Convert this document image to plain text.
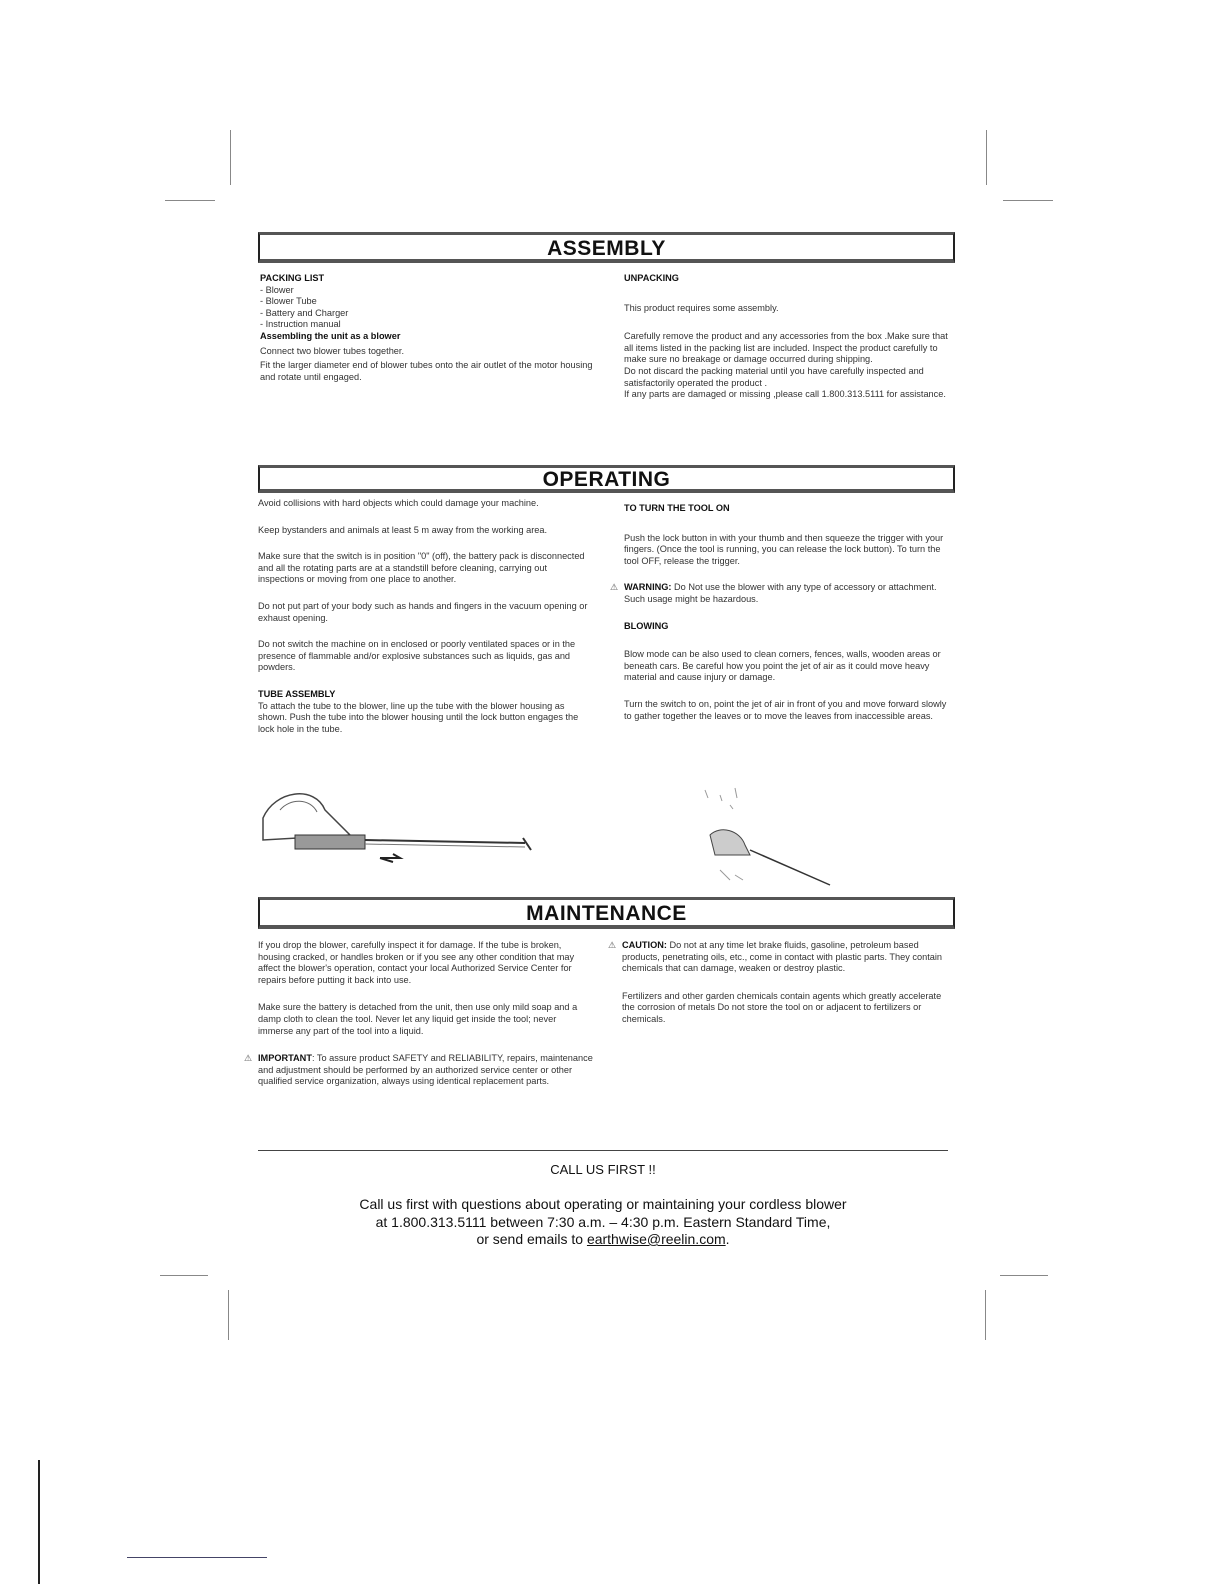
ASSEMBLY
PACKING LIST
- Blower
- Blower Tube
- Battery and Charger
- Instruction manual
Assembling the unit as a blower

Connect two blower tubes together.

Fit the larger diameter end of blower tubes onto the air outlet of the motor housing and rotate until engaged.

UNPACKING

This product requires some assembly.

Carefully remove the product and any accessories from the box .Make sure that all items listed in the packing list are included. Inspect the product carefully to make sure no breakage or damage occurred during shipping.

Do not discard the packing material until you have carefully inspected and satisfactorily operated the product .

If any parts are damaged or missing ,please call 1.800.313.5111 for assistance.

OPERATING

Avoid collisions with hard objects which could damage your machine.

Keep bystanders and animals at least 5 m away from the working area.

Make sure that the switch is in position "0" (off), the battery pack is disconnected and all the rotating parts are at a standstill before cleaning, carrying out inspections or moving from one place to another.

Do not put part of your body such as hands and fingers in the vacuum opening or exhaust opening.

Do not switch the machine on in enclosed or poorly ventilated spaces or in the presence of flammable and/or explosive substances such as liquids, gas and powders.

TUBE ASSEMBLY

To attach the tube to the blower, line up the tube with the blower housing as shown. Push the tube into the blower housing until the lock button engages the lock hole in the tube.

TO TURN THE TOOL ON

Push the lock button in with your thumb and then squeeze the trigger with your fingers. (Once the tool is running, you can release the lock button). To turn the tool OFF, release the trigger.

⚠ WARNING: Do Not use the blower with any type of accessory or attachment. Such usage might be hazardous.

BLOWING

Blow mode can be also used to clean corners, fences, walls, wooden areas or beneath cars. Be careful how you point the jet of air as it could move heavy material and cause injury or damage.

Turn the switch to on, point the jet of air in front of you and move forward slowly to gather together the leaves or to move the leaves from inaccessible areas.

MAINTENANCE

If you drop the blower, carefully inspect it for damage. If the tube is broken, housing cracked, or handles broken or if you see any other condition that may affect the blower's operation, contact your local Authorized Service Center for repairs before putting it back into use.

Make sure the battery is detached from the unit, then use only mild soap and a damp cloth to clean the tool. Never let any liquid get inside the tool; never immerse any part of the tool into a liquid.

⚠ IMPORTANT: To assure product SAFETY and RELIABILITY, repairs, maintenance and adjustment should be performed by an authorized service center or other qualified service organization, always using identical replacement parts.

⚠ CAUTION: Do not at any time let brake fluids, gasoline, petroleum based products, penetrating oils, etc., come in contact with plastic parts. They contain chemicals that can damage, weaken or destroy plastic.

Fertilizers and other garden chemicals contain agents which greatly accelerate the corrosion of metals Do not store the tool on or adjacent to fertilizers or chemicals.

CALL US FIRST !!
Call us first with questions about operating or maintaining your cordless blower
at 1.800.313.5111 between 7:30 a.m. – 4:30 p.m. Eastern Standard Time,
or send emails to earthwise@reelin.com.
